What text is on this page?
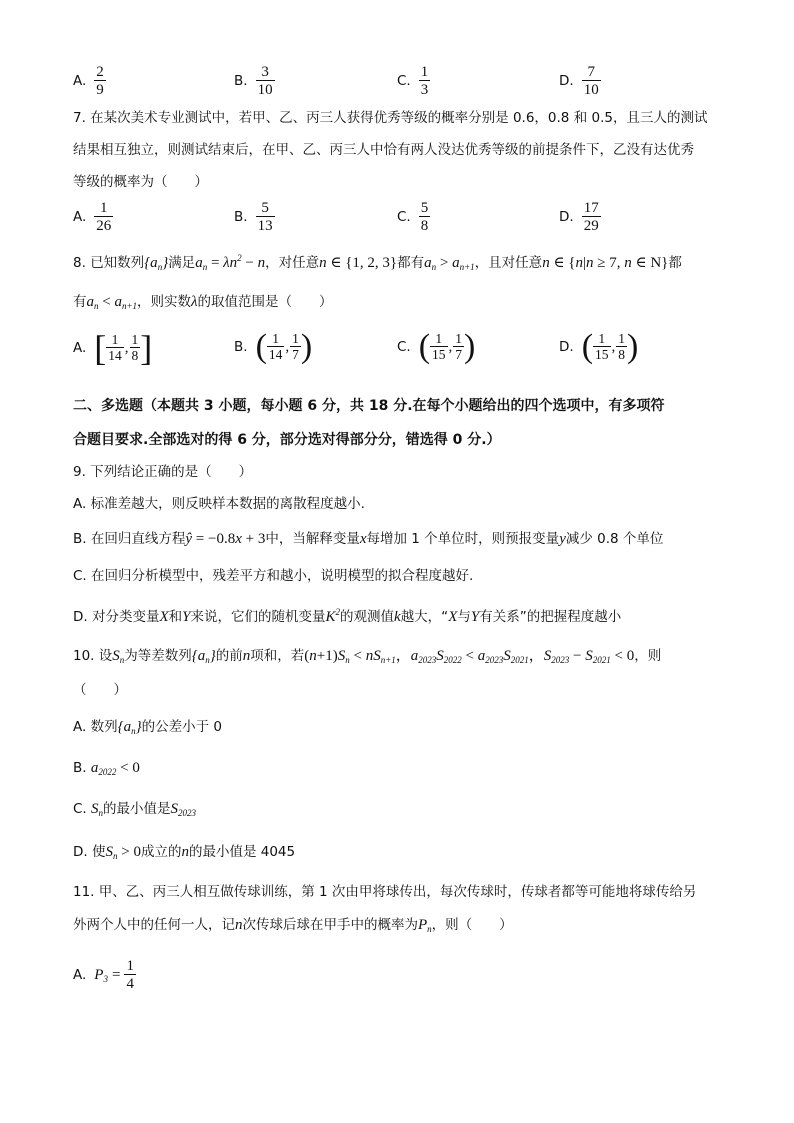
A. $\frac{2}{9}$	B. $\frac{3}{10}$	C. $\frac{1}{3}$	D. $\frac{7}{10}$
7. 在某次美术专业测试中，若甲、乙、丙三人获得优秀等级的概率分别是 0.6，0.8 和 0.5，且三人的测试
结果相互独立，则测试结束后，在甲、乙、丙三人中恰有两人没达优秀等级的前提条件下，乙没有达优秀
等级的概率为（　　）
A. $\frac{1}{26}$	B. $\frac{5}{13}$	C. $\frac{5}{8}$	D. $\frac{17}{29}$
8. 已知数列$\{a_n\}$满足$a_n = \lambda n^2 - n$，对任意n ∈ {1, 2, 3}都有$a_n > a_{n+1}$，且对任意n ∈ {n|n ≥ 7, n ∈ N}都
有$a_n < a_{n+1}$，则实数λ的取值范围是（　　）
A. [ $\frac{1}{14}$ , $\frac{1}{8}$ ]	B. ( $\frac{1}{14}$ , $\frac{1}{7}$ )	C. ( $\frac{1}{15}$ , $\frac{1}{7}$ )	D. ( $\frac{1}{15}$ , $\frac{1}{8}$ )
二、多选题（本题共 3 小题，每小题 6 分，共 18 分.在每个小题给出的四个选项中，有多项符
合题目要求.全部选对的得 6 分，部分选对得部分分，错选得 0 分.）
9. 下列结论正确的是（　　）
A. 标准差越大，则反映样本数据的离散程度越小.
B. 在回归直线方程ŷ = −0.8x + 3中，当解释变量x每增加 1 个单位时，则预报变量y减少 0.8 个单位
C. 在回归分析模型中，残差平方和越小，说明模型的拟合程度越好.
D. 对分类变量X和Y来说，它们的随机变量$K^2$的观测值k越大，“X与Y有关系”的把握程度越小
10. 设$S_n$为等差数列$\{a_n\}$的前n项和，若$(n+1)S_n < nS_{n+1}$，$a_{2023}S_{2022} < a_{2023}S_{2021}$，$S_{2023} - S_{2021} < 0$，则
（　　）
A. 数列$\{a_n\}$的公差小于 0
B. $a_{2022} < 0$
C. $S_n$的最小值是$S_{2023}$
D. 使$S_n > 0$成立的n的最小值是 4045
11. 甲、乙、丙三人相互做传球训练，第 1 次由甲将球传出，每次传球时，传球者都等可能地将球传给另
外两个人中的任何一人，记n次传球后球在甲手中的概率为$P_n$，则（　　）
A. $P_3 = \frac{1}{4}$
